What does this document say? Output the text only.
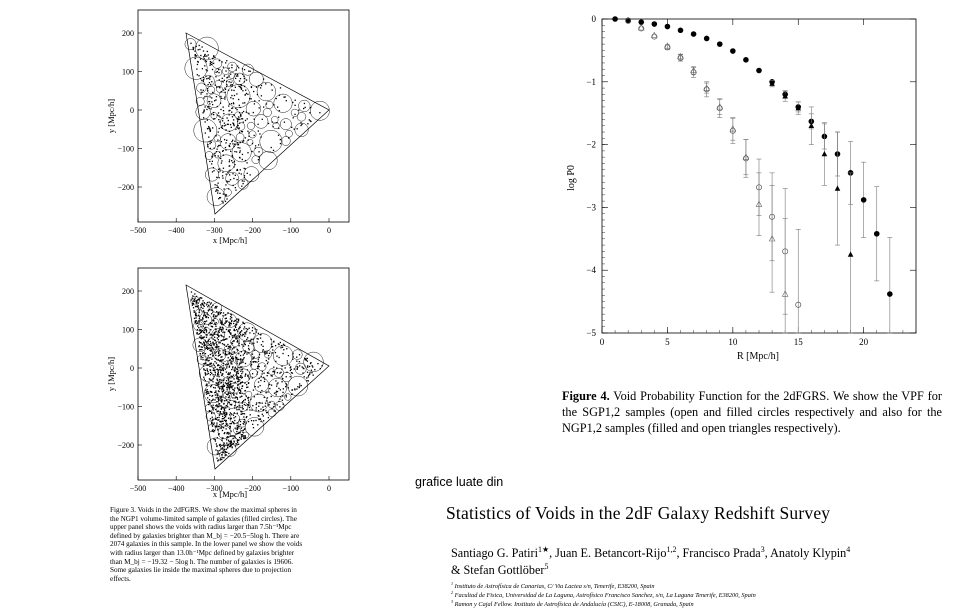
−500	−400	−300	−200	−100	0
200
100
0
−100
−200
x [Mpc/h]
y [Mpc/h]
−500	−400	−300	−200	−100	0
200
100
0
−100
−200
x [Mpc/h]
y [Mpc/h]
Figure 3. Voids in the 2dFGRS. We show the maximal spheres in
the NGP1 volume-limited sample of galaxies (filled circles). The
upper panel shows the voids with radius larger than 7.5h⁻¹Mpc
defined by galaxies brighter than M_bj = −20.5−5log h. There are
2074 galaxies in this sample. In the lower panel we show the voids
with radius larger than 13.0h⁻¹Mpc defined by galaxies brighter
than M_bj = −19.32 − 5log h. The number of galaxies is 19606.
Some galaxies lie inside the maximal spheres due to projection
effects.
0	5	10	15	20
0
−1
−2
−3
−4
−5
R [Mpc/h]
log P0
Figure 4. Void Probability Function for the 2dFGRS. We show the VPF for the SGP1,2 samples (open and filled circles respectively and also for the NGP1,2 samples (filled and open triangles respectively).
grafice luate din
Statistics of Voids in the 2dF Galaxy Redshift Survey
Santiago G. Patiri$^{1★}$, Juan E. Betancort-Rijo$^{1,2}$, Francisco Prada$^3$, Anatoly Klypin$^4$
& Stefan Gottlöber$^5$
$^1$ Instituto de Astrofísica de Canarias, C/ Via Lactea s/n, Tenerife, E38200, Spain
$^2$ Facultad de Fisica, Universidad de La Laguna, Astrofísico Francisco Sanchez, s/n, La Laguna Tenerife, E38200, Spain
$^3$ Ramon y Cajal Fellow. Instituto de Astrofísica de Andalucía (CSIC), E-18008, Granada, Spain
